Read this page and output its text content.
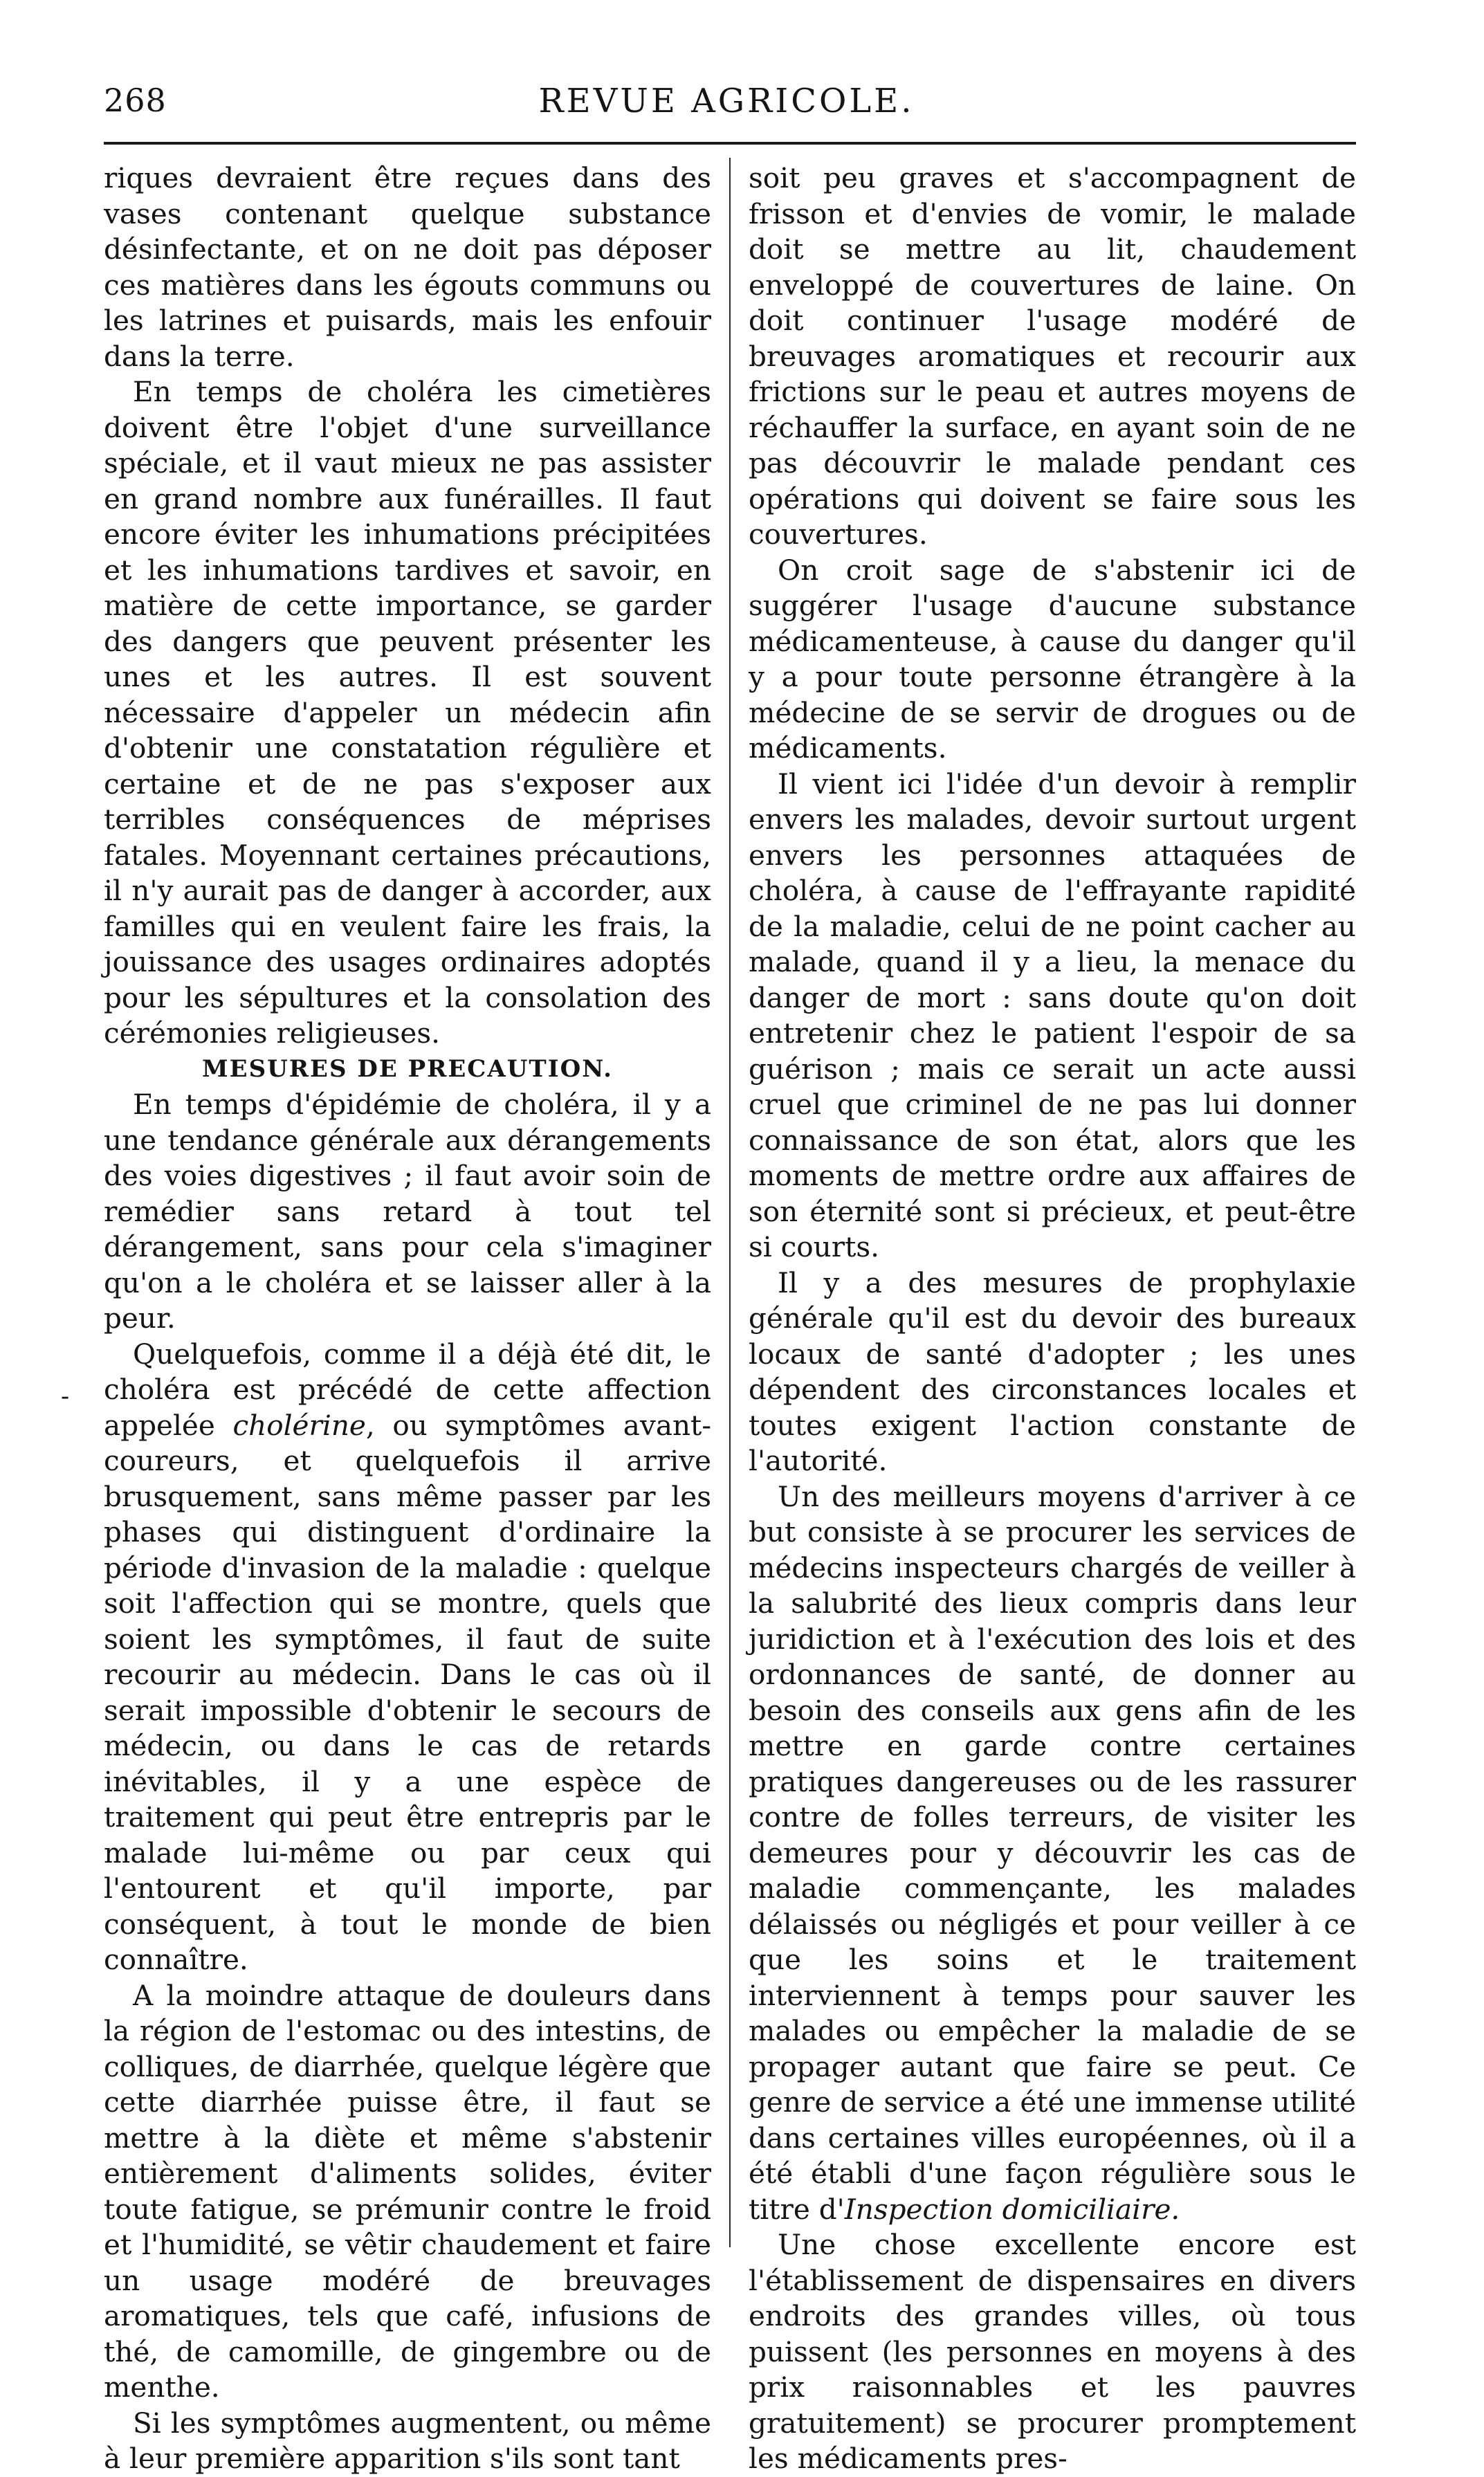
268	REVUE AGRICOLE.
-

riques devraient être reçues dans des vases contenant quelque substance désinfectante, et on ne doit pas déposer ces matières dans les égouts communs ou les latrines et puisards, mais les enfouir dans la terre.

En temps de choléra les cimetières doivent être l'objet d'une surveillance spéciale, et il vaut mieux ne pas assister en grand nombre aux funérailles. Il faut encore éviter les inhumations précipitées et les inhumations tardives et savoir, en matière de cette importance, se garder des dangers que peuvent présenter les unes et les autres. Il est souvent nécessaire d'appeler un médecin afin d'obtenir une constatation régulière et certaine et de ne pas s'exposer aux terribles conséquences de méprises fatales. Moyennant certaines précautions, il n'y aurait pas de danger à accorder, aux familles qui en veulent faire les frais, la jouissance des usages ordinaires adoptés pour les sépultures et la consolation des cérémonies religieuses.

MESURES DE PRECAUTION.

En temps d'épidémie de choléra, il y a une tendance générale aux dérangements des voies digestives ; il faut avoir soin de remédier sans retard à tout tel dérangement, sans pour cela s'imaginer qu'on a le choléra et se laisser aller à la peur.

Quelquefois, comme il a déjà été dit, le choléra est précédé de cette affection appelée cholérine, ou symptômes avant-coureurs, et quelquefois il arrive brusquement, sans même passer par les phases qui distinguent d'ordinaire la période d'invasion de la maladie : quelque soit l'affection qui se montre, quels que soient les symptômes, il faut de suite recourir au médecin. Dans le cas où il serait impossible d'obtenir le secours de médecin, ou dans le cas de retards inévitables, il y a une espèce de traitement qui peut être entrepris par le malade lui-même ou par ceux qui l'entourent et qu'il importe, par conséquent, à tout le monde de bien connaître.

A la moindre attaque de douleurs dans la région de l'estomac ou des intestins, de colliques, de diarrhée, quelque légère que cette diarrhée puisse être, il faut se mettre à la diète et même s'abstenir entièrement d'aliments solides, éviter toute fatigue, se prémunir contre le froid et l'humidité, se vêtir chaudement et faire un usage modéré de breuvages aromatiques, tels que café, infusions de thé, de camomille, de gingembre ou de menthe.

Si les symptômes augmentent, ou même à leur première apparition s'ils sont tant

soit peu graves et s'accompagnent de frisson et d'envies de vomir, le malade doit se mettre au lit, chaudement enveloppé de couvertures de laine. On doit continuer l'usage modéré de breuvages aromatiques et recourir aux frictions sur le peau et autres moyens de réchauffer la surface, en ayant soin de ne pas découvrir le malade pendant ces opérations qui doivent se faire sous les couvertures.

On croit sage de s'abstenir ici de suggérer l'usage d'aucune substance médicamenteuse, à cause du danger qu'il y a pour toute personne étrangère à la médecine de se servir de drogues ou de médicaments.

Il vient ici l'idée d'un devoir à remplir envers les malades, devoir surtout urgent envers les personnes attaquées de choléra, à cause de l'effrayante rapidité de la maladie, celui de ne point cacher au malade, quand il y a lieu, la menace du danger de mort : sans doute qu'on doit entretenir chez le patient l'espoir de sa guérison ; mais ce serait un acte aussi cruel que criminel de ne pas lui donner connaissance de son état, alors que les moments de mettre ordre aux affaires de son éternité sont si précieux, et peut-être si courts.

Il y a des mesures de prophylaxie générale qu'il est du devoir des bureaux locaux de santé d'adopter ; les unes dépendent des circonstances locales et toutes exigent l'action constante de l'autorité.

Un des meilleurs moyens d'arriver à ce but consiste à se procurer les services de médecins inspecteurs chargés de veiller à la salubrité des lieux compris dans leur juridiction et à l'exécution des lois et des ordonnances de santé, de donner au besoin des conseils aux gens afin de les mettre en garde contre certaines pratiques dangereuses ou de les rassurer contre de folles terreurs, de visiter les demeures pour y découvrir les cas de maladie commençante, les malades délaissés ou négligés et pour veiller à ce que les soins et le traitement interviennent à temps pour sauver les malades ou empêcher la maladie de se propager autant que faire se peut. Ce genre de service a été une immense utilité dans certaines villes européennes, où il a été établi d'une façon régulière sous le titre d'Inspection domiciliaire.

Une chose excellente encore est l'établissement de dispensaires en divers endroits des grandes villes, où tous puissent (les personnes en moyens à des prix raisonnables et les pauvres gratuitement) se procurer promptement les médicaments pres-
